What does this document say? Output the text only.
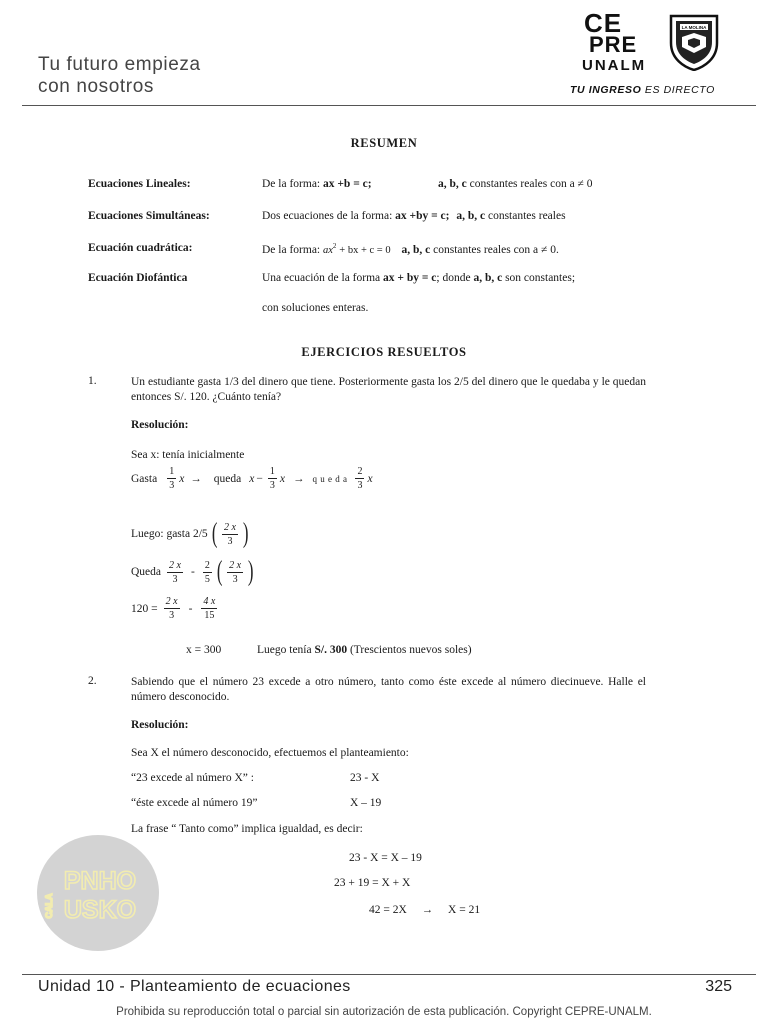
Tu futuro empieza
con nosotros
CE
PRE
UNALM
LA MOLINA
TU INGRESO ES DIRECTO
RESUMEN
Ecuaciones Lineales:	De la forma: ax +b = c;	a, b, c constantes reales con a ≠ 0
Ecuaciones Simultáneas:	Dos ecuaciones de la forma: ax +by = c; a, b, c constantes reales
Ecuación cuadrática:	De la forma: $ax^2$ + bx + c = 0 a, b, c constantes reales con a ≠ 0.
Ecuación Diofántica	Una ecuación de la forma ax + by = c; donde a, b, c son constantes;
con soluciones enteras.
EJERCICIOS RESUELTOS
1.	Un estudiante gasta 1/3 del dinero que tiene. Posteriormente gasta los 2/5 del dinero que le quedaba y le quedan entonces S/. 120. ¿Cuánto tenía?
Resolución:
Sea x: tenía inicialmente
Gasta $\frac{1}{3}$ x → queda $x - \frac{1}{3}$ x → q u e d a $\frac{2}{3}$ x
Luego: gasta 2/5 ( $\frac{2 x}{3}$ )
Queda $\frac{2 x}{3} - \frac{2}{5}$ ( $\frac{2 x}{3}$ )
$120 = \frac{2 x}{3} - \frac{4 x}{15}$
x = 300	Luego tenía S/. 300 (Trescientos nuevos soles)
2.	Sabiendo que el número 23 excede a otro número, tanto como éste excede al número diecinueve. Halle el número desconocido.
Resolución:
Sea X el número desconocido, efectuemos el planteamiento:
“23 excede al número X” :	23 - X
“éste excede al número 19”	X – 19
La frase “ Tanto como” implica igualdad, es decir:
23 - X = X – 19
23 + 19 = X + X
42 = 2X → X = 21
PNHO
USKO
CALA
Unidad 10 - Planteamiento de ecuaciones	325
Prohibida su reproducción total o parcial sin autorización de esta publicación. Copyright CEPRE-UNALM.
